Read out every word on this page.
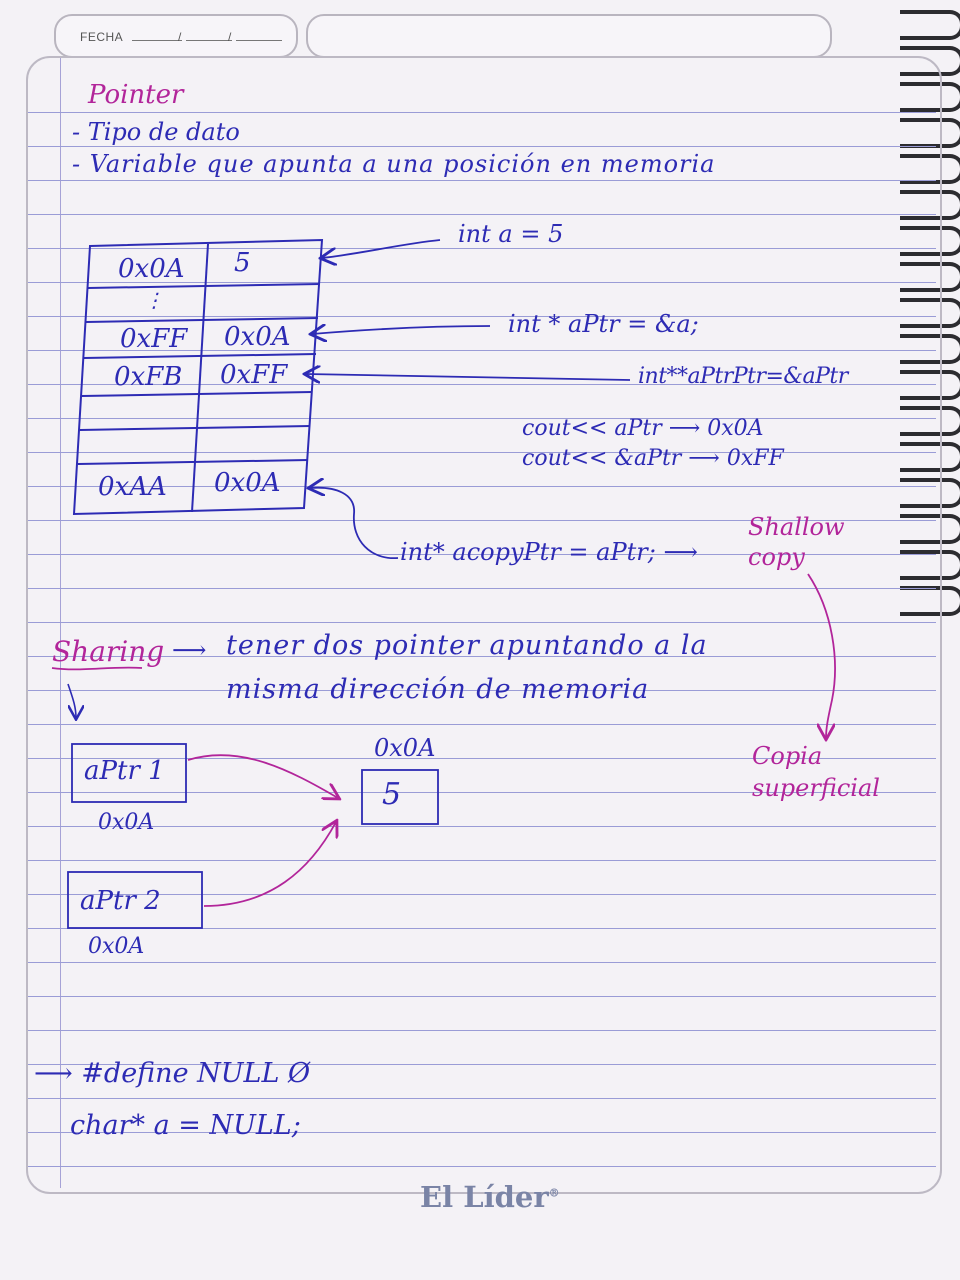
FECHA	/	/
Pointer
- Tipo de dato
- Variable que apunta a una posición en memoria
0x0A 5
⋮
0xFF 0x0A
0xFB 0xFF
0xAA 0x0A
int a = 5
int * aPtr = &a;
int**aPtrPtr=&aPtr
cout<< aPtr ⟶ 0x0A
cout<< &aPtr ⟶ 0xFF
int* acopyPtr = aPtr; ⟶
Shallow copy
Copia superficial
Sharing ⟶ tener dos pointer apuntando a la misma dirección de memoria
aPtr 1
0x0A
aPtr 2
0x0A
0x0A
5
⟶ #define NULL Ø
char* a = NULL;
El Líder®
